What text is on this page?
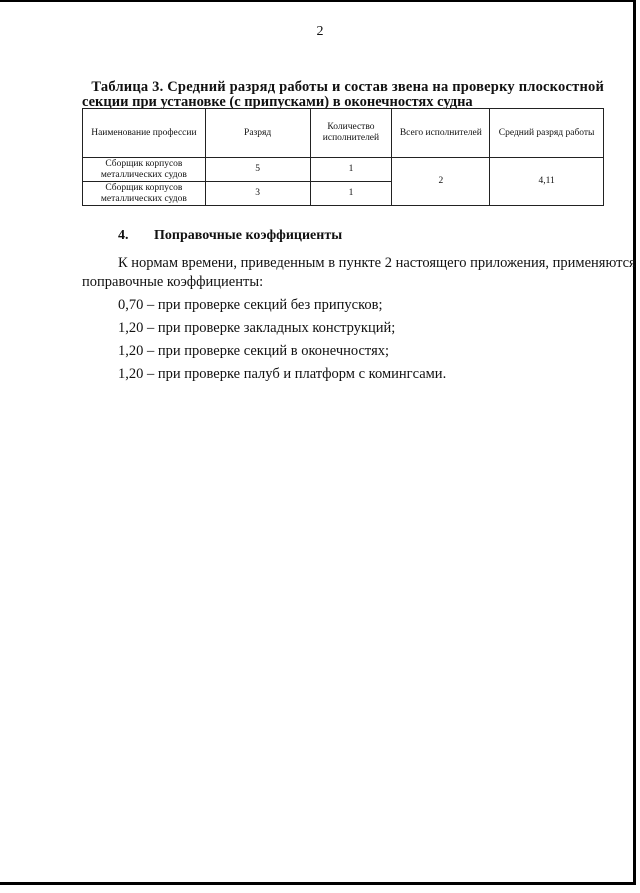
2
Таблица 3. Средний разряд работы и состав звена на проверку плоскостной
секции при установке (с припусками) в оконечностях судна
Наименование профессии	Разряд	Количество исполнителей	Всего исполнителей	Средний разряд работы
Сборщик корпусов металлических судов	5	1	2	4,11
Сборщик корпусов металлических судов	3	1		
4. Поправочные коэффициенты
К нормам времени, приведенным в пункте 2 настоящего приложения, применяются
поправочные коэффициенты:
0,70 – при проверке секций без припусков;
1,20 – при проверке закладных конструкций;
1,20 – при проверке секций в оконечностях;
1,20 – при проверке палуб и платформ с комингсами.
